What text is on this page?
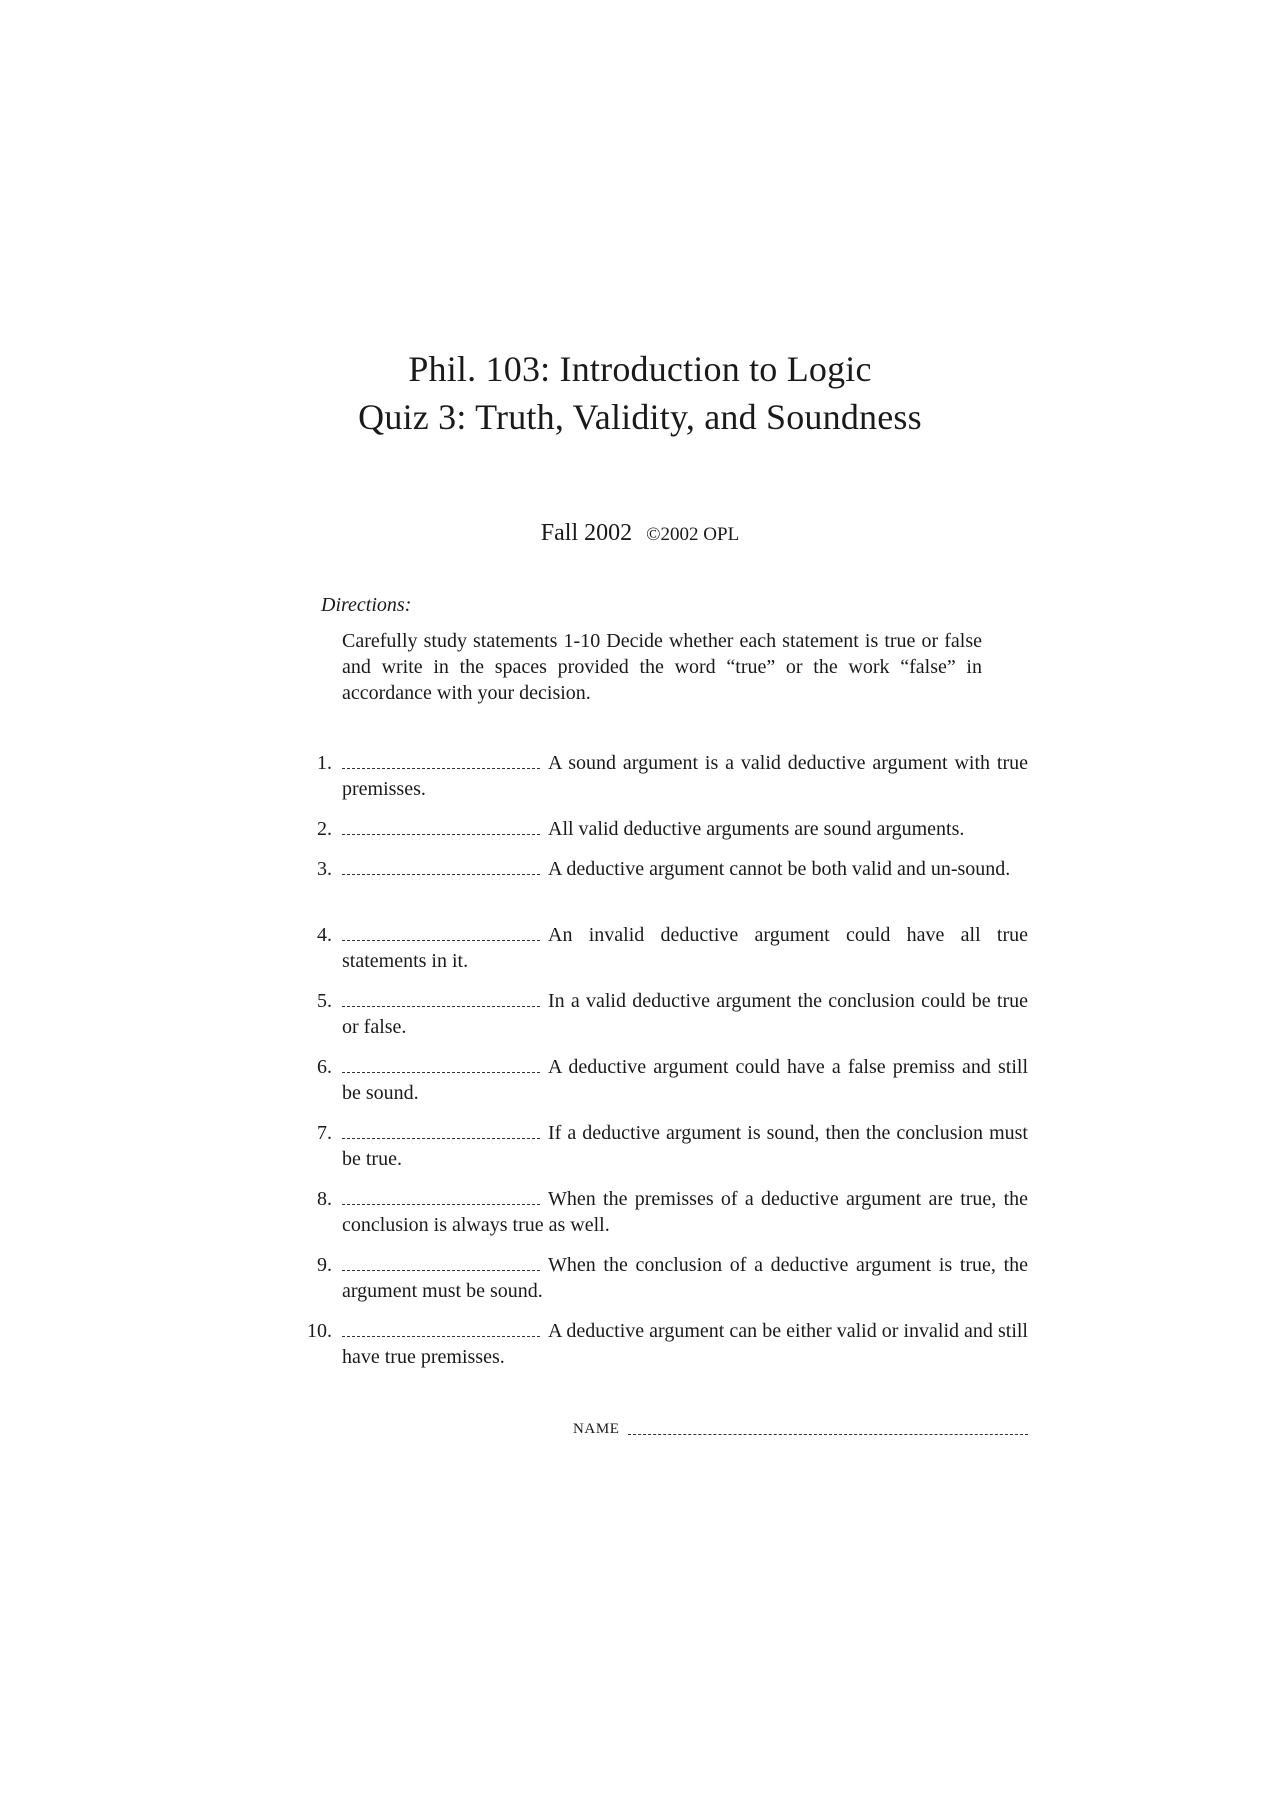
Phil. 103: Introduction to Logic
Quiz 3: Truth, Validity, and Soundness
Fall 2002 ©2002 OPL
Directions:
Carefully study statements 1-10 Decide whether each statement is true or false and write in the spaces provided the word “true” or the work “false” in accordance with your decision.
1.	A sound argument is a valid deductive argument with true premisses.
2.	All valid deductive arguments are sound arguments.
3.	A deductive argument cannot be both valid and un-sound.
4.	An invalid deductive argument could have all true statements in it.
5.	In a valid deductive argument the conclusion could be true or false.
6.	A deductive argument could have a false premiss and still be sound.
7.	If a deductive argument is sound, then the conclusion must be true.
8.	When the premisses of a deductive argument are true, the conclusion is always true as well.
9.	When the conclusion of a deductive argument is true, the argument must be sound.
10.	A deductive argument can be either valid or invalid and still have true premisses.
NAME
